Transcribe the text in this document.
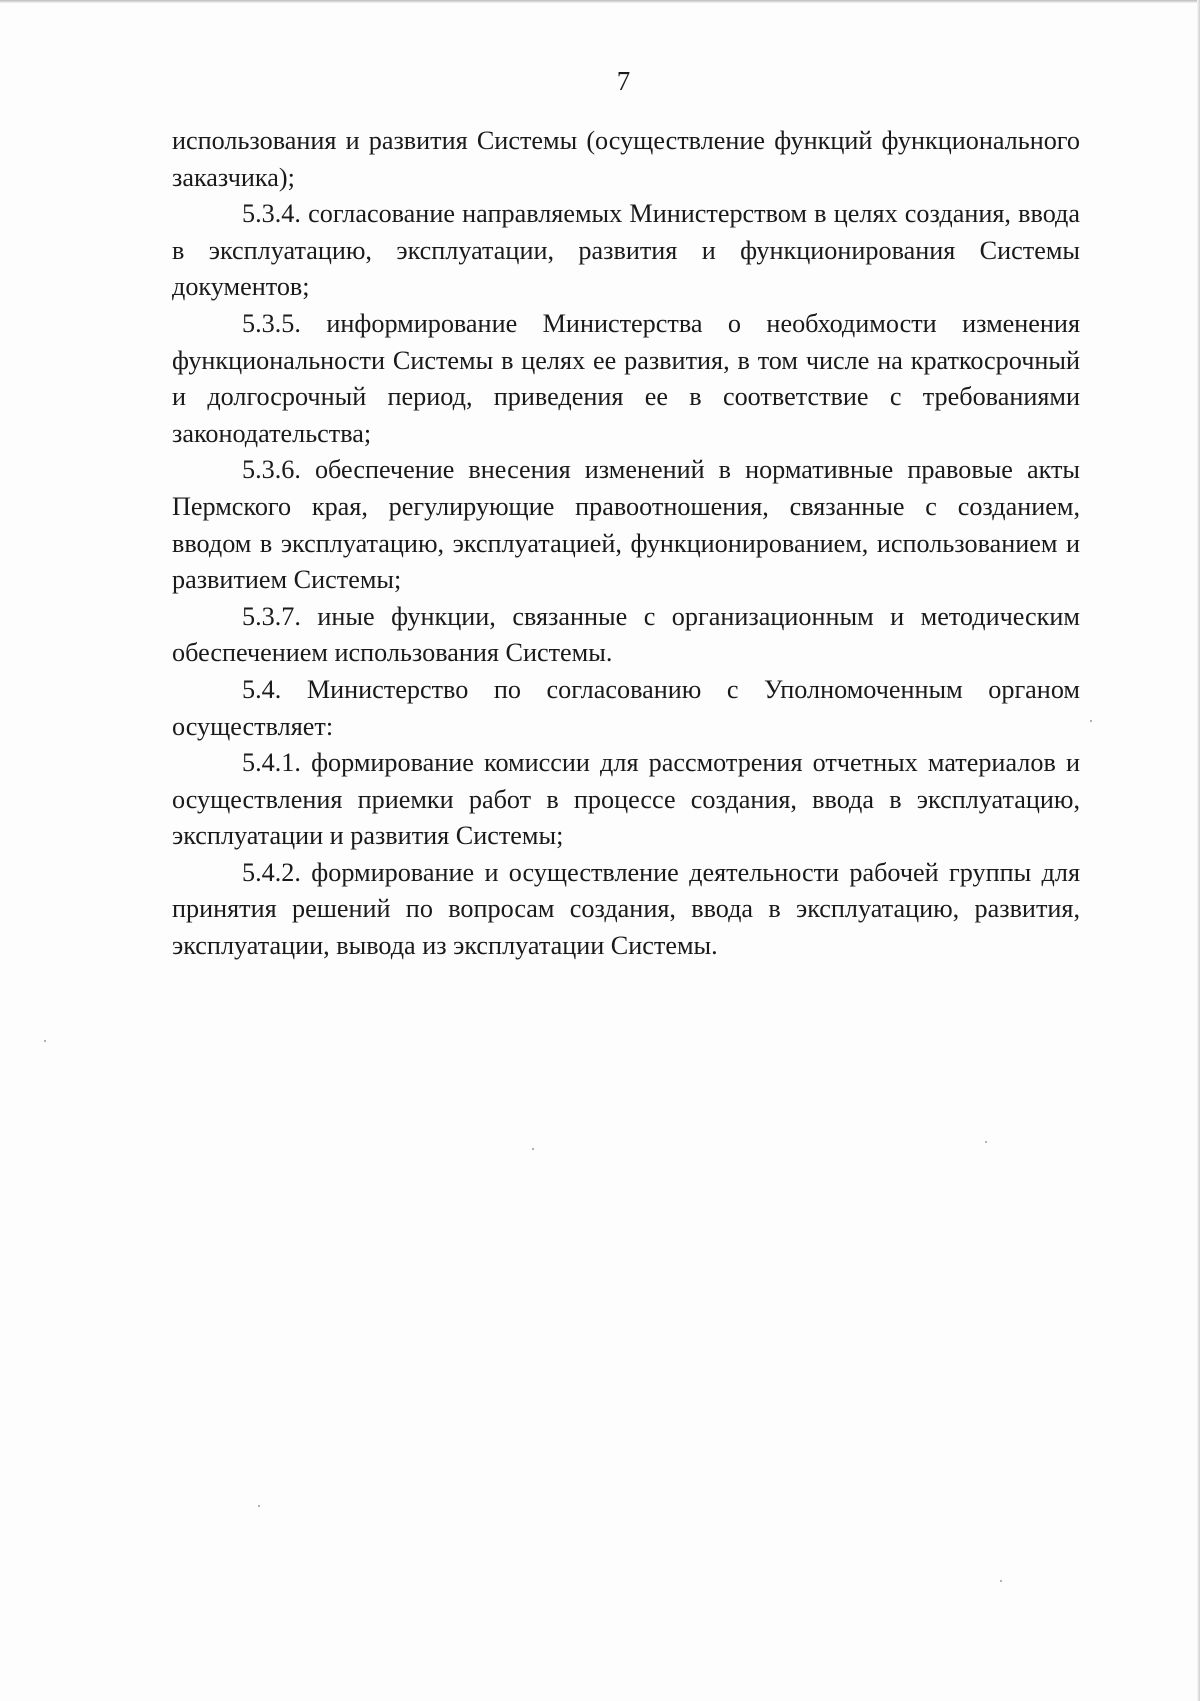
7

использования и развития Системы (осуществление функций функционального заказчика);

5.3.4. согласование направляемых Министерством в целях создания, ввода в эксплуатацию, эксплуатации, развития и функционирования Системы документов;

5.3.5. информирование Министерства о необходимости изменения функциональности Системы в целях ее развития, в том числе на краткосрочный и долгосрочный период, приведения ее в соответствие с требованиями законодательства;

5.3.6. обеспечение внесения изменений в нормативные правовые акты Пермского края, регулирующие правоотношения, связанные с созданием, вводом в эксплуатацию, эксплуатацией, функционированием, использованием и развитием Системы;

5.3.7. иные функции, связанные с организационным и методическим обеспечением использования Системы.

5.4. Министерство по согласованию с Уполномоченным органом осуществляет:

5.4.1. формирование комиссии для рассмотрения отчетных материалов и осуществления приемки работ в процессе создания, ввода в эксплуатацию, эксплуатации и развития Системы;

5.4.2. формирование и осуществление деятельности рабочей группы для принятия решений по вопросам создания, ввода в эксплуатацию, развития, эксплуатации, вывода из эксплуатации Системы.
